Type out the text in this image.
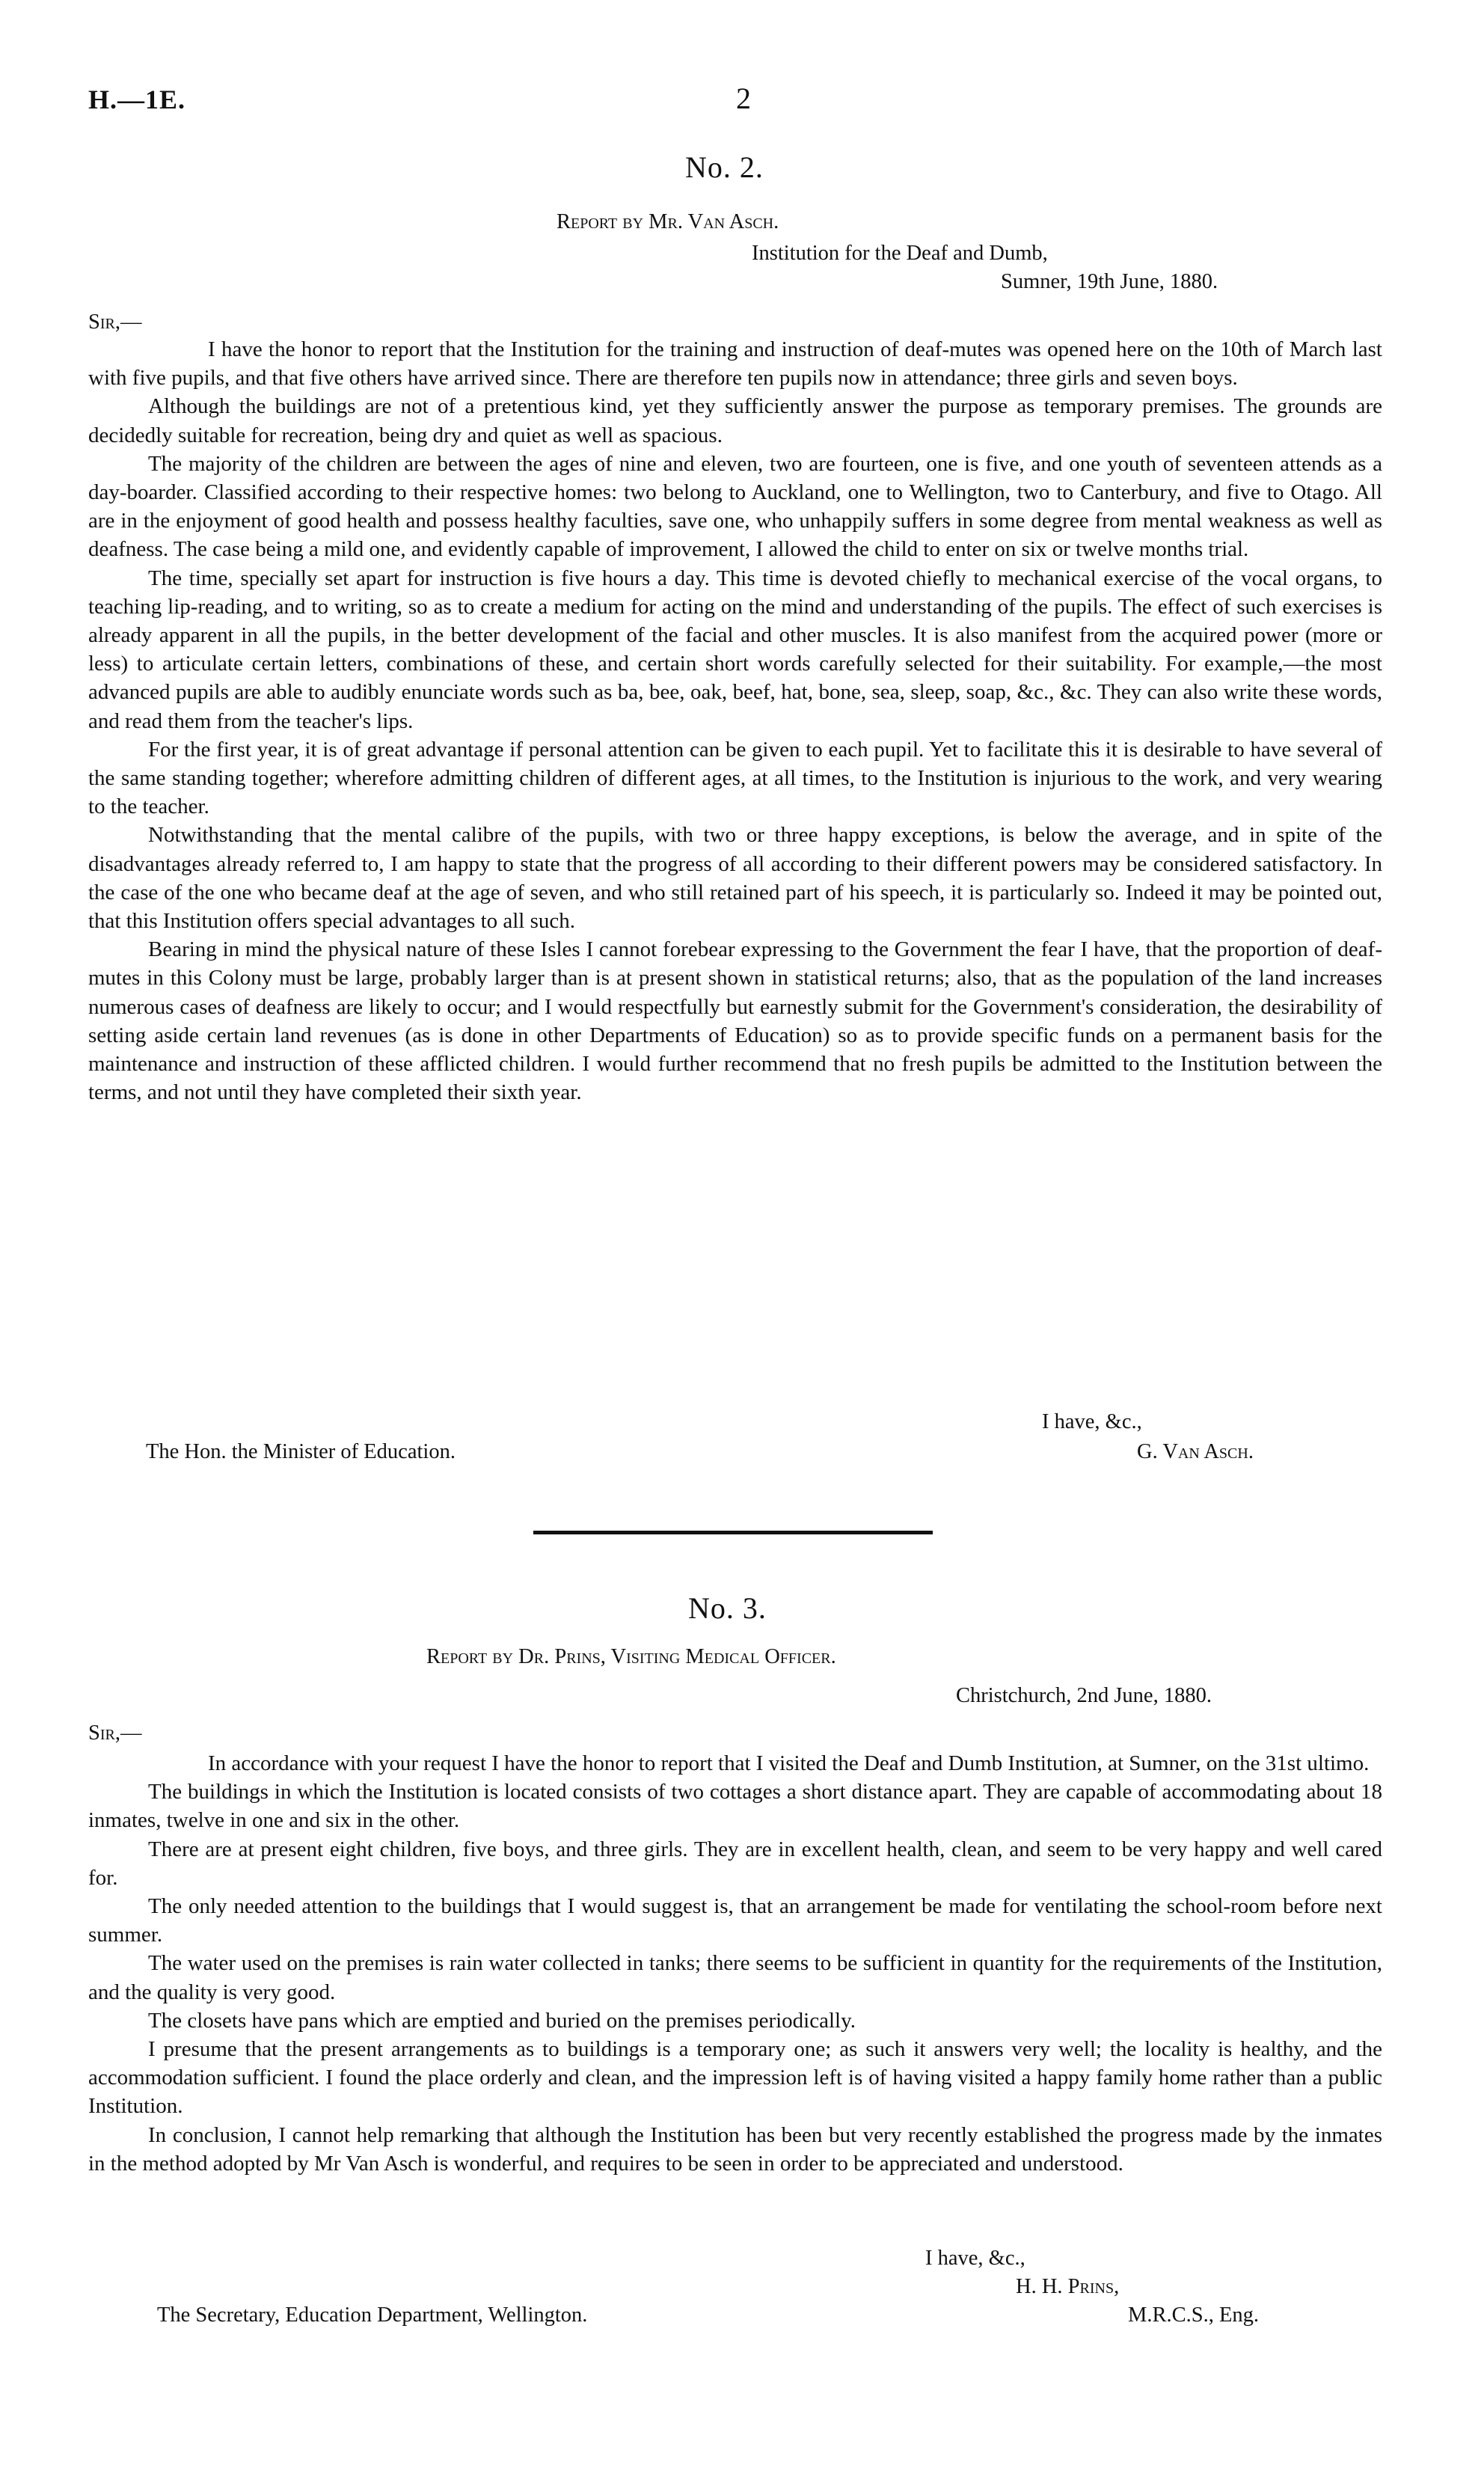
H.—1E.	2
No. 2.
Report by Mr. Van Asch.
Institution for the Deaf and Dumb,
Sumner, 19th June, 1880.
Sir,—

I have the honor to report that the Institution for the training and instruction of deaf-mutes was opened here on the 10th of March last with five pupils, and that five others have arrived since. There are therefore ten pupils now in attendance; three girls and seven boys.

Although the buildings are not of a pretentious kind, yet they sufficiently answer the purpose as temporary premises. The grounds are decidedly suitable for recreation, being dry and quiet as well as spacious.

The majority of the children are between the ages of nine and eleven, two are fourteen, one is five, and one youth of seventeen attends as a day-boarder. Classified according to their respective homes: two belong to Auckland, one to Wellington, two to Canterbury, and five to Otago. All are in the enjoyment of good health and possess healthy faculties, save one, who unhappily suffers in some degree from mental weakness as well as deafness. The case being a mild one, and evidently capable of improvement, I allowed the child to enter on six or twelve months trial.

The time, specially set apart for instruction is five hours a day. This time is devoted chiefly to mechanical exercise of the vocal organs, to teaching lip-reading, and to writing, so as to create a medium for acting on the mind and understanding of the pupils. The effect of such exercises is already apparent in all the pupils, in the better development of the facial and other muscles. It is also manifest from the acquired power (more or less) to articulate certain letters, combinations of these, and certain short words carefully selected for their suitability. For example,—the most advanced pupils are able to audibly enunciate words such as ba, bee, oak, beef, hat, bone, sea, sleep, soap, &c., &c. They can also write these words, and read them from the teacher's lips.

For the first year, it is of great advantage if personal attention can be given to each pupil. Yet to facilitate this it is desirable to have several of the same standing together; wherefore admitting children of different ages, at all times, to the Institution is injurious to the work, and very wearing to the teacher.

Notwithstanding that the mental calibre of the pupils, with two or three happy exceptions, is below the average, and in spite of the disadvantages already referred to, I am happy to state that the progress of all according to their different powers may be considered satisfactory. In the case of the one who became deaf at the age of seven, and who still retained part of his speech, it is particularly so. Indeed it may be pointed out, that this Institution offers special advantages to all such.

Bearing in mind the physical nature of these Isles I cannot forebear expressing to the Government the fear I have, that the proportion of deaf-mutes in this Colony must be large, probably larger than is at present shown in statistical returns; also, that as the population of the land increases numerous cases of deafness are likely to occur; and I would respectfully but earnestly submit for the Government's consideration, the desirability of setting aside certain land revenues (as is done in other Departments of Education) so as to provide specific funds on a permanent basis for the maintenance and instruction of these afflicted children. I would further recommend that no fresh pupils be admitted to the Institution between the terms, and not until they have completed their sixth year.

I have, &c.,
The Hon. the Minister of Education.	G. Van Asch.
No. 3.
Report by Dr. Prins, Visiting Medical Officer.
Christchurch, 2nd June, 1880.
Sir,—

In accordance with your request I have the honor to report that I visited the Deaf and Dumb Institution, at Sumner, on the 31st ultimo.

The buildings in which the Institution is located consists of two cottages a short distance apart. They are capable of accommodating about 18 inmates, twelve in one and six in the other.

There are at present eight children, five boys, and three girls. They are in excellent health, clean, and seem to be very happy and well cared for.

The only needed attention to the buildings that I would suggest is, that an arrangement be made for ventilating the school-room before next summer.

The water used on the premises is rain water collected in tanks; there seems to be sufficient in quantity for the requirements of the Institution, and the quality is very good.

The closets have pans which are emptied and buried on the premises periodically.

I presume that the present arrangements as to buildings is a temporary one; as such it answers very well; the locality is healthy, and the accommodation sufficient. I found the place orderly and clean, and the impression left is of having visited a happy family home rather than a public Institution.

In conclusion, I cannot help remarking that although the Institution has been but very recently established the progress made by the inmates in the method adopted by Mr Van Asch is wonderful, and requires to be seen in order to be appreciated and understood.

I have, &c.,
H. H. Prins,
The Secretary, Education Department, Wellington.	M.R.C.S., Eng.
